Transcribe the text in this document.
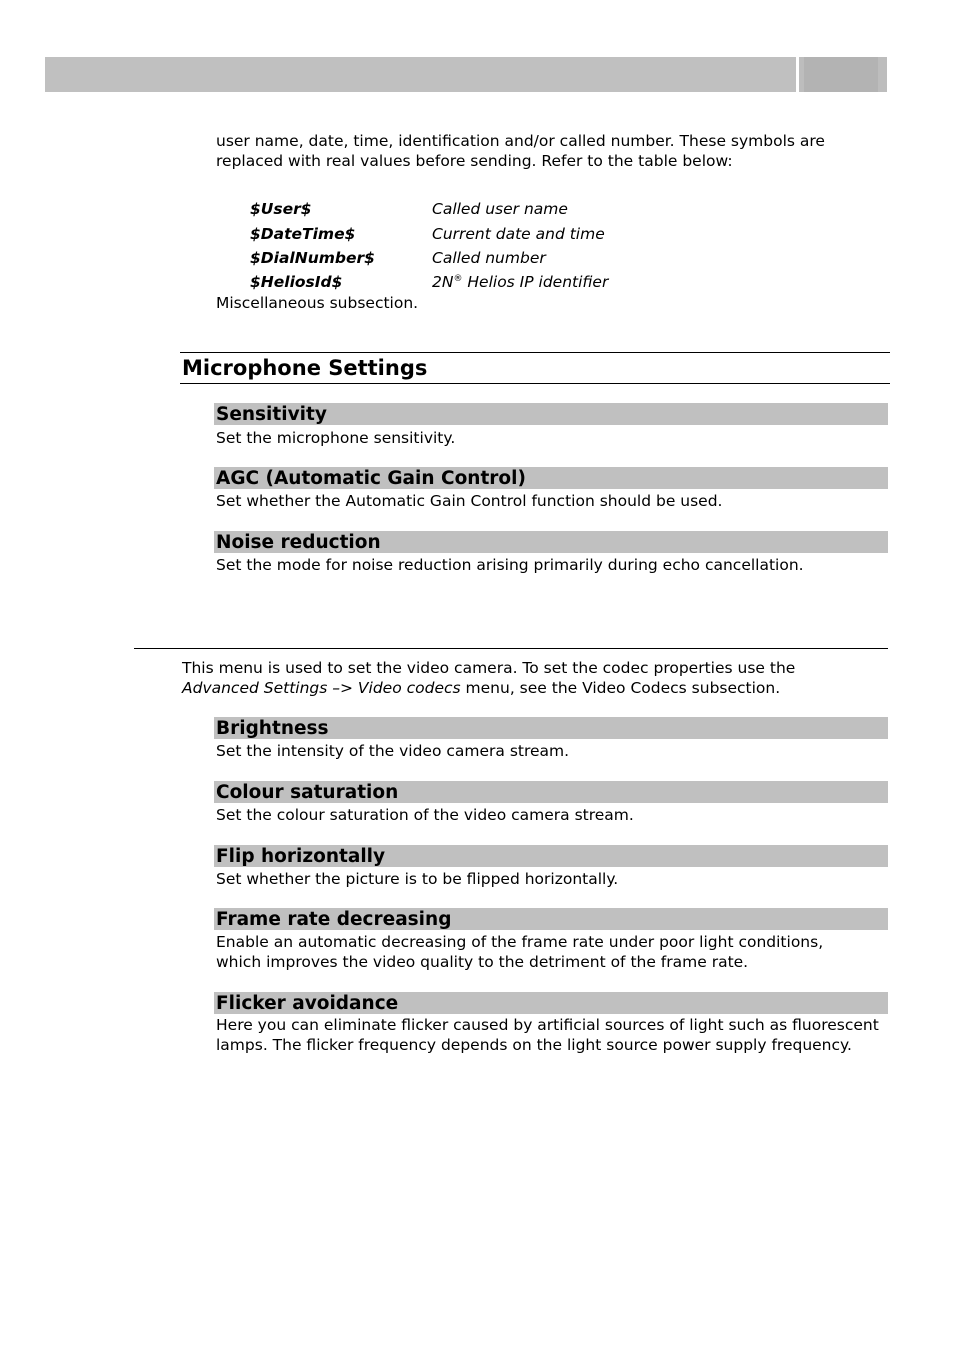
user name, date, time, identification and/or called number. These symbols are
replaced with real values before sending. Refer to the table below:

$User$	Called user name
$DateTime$	Current date and time
$DialNumber$	Called number
$HeliosId$	2N® Helios IP identifier

Miscellaneous subsection.

Microphone Settings
Sensitivity

Set the microphone sensitivity.

AGC (Automatic Gain Control)

Set whether the Automatic Gain Control function should be used.

Noise reduction

Set the mode for noise reduction arising primarily during echo cancellation.

This menu is used to set the video camera. To set the codec properties use the
Advanced Settings –> Video codecs menu, see the Video Codecs subsection.

Brightness

Set the intensity of the video camera stream.

Colour saturation

Set the colour saturation of the video camera stream.

Flip horizontally

Set whether the picture is to be flipped horizontally.

Frame rate decreasing

Enable an automatic decreasing of the frame rate under poor light conditions,
which improves the video quality to the detriment of the frame rate.

Flicker avoidance

Here you can eliminate flicker caused by artificial sources of light such as fluorescent
lamps. The flicker frequency depends on the light source power supply frequency.
